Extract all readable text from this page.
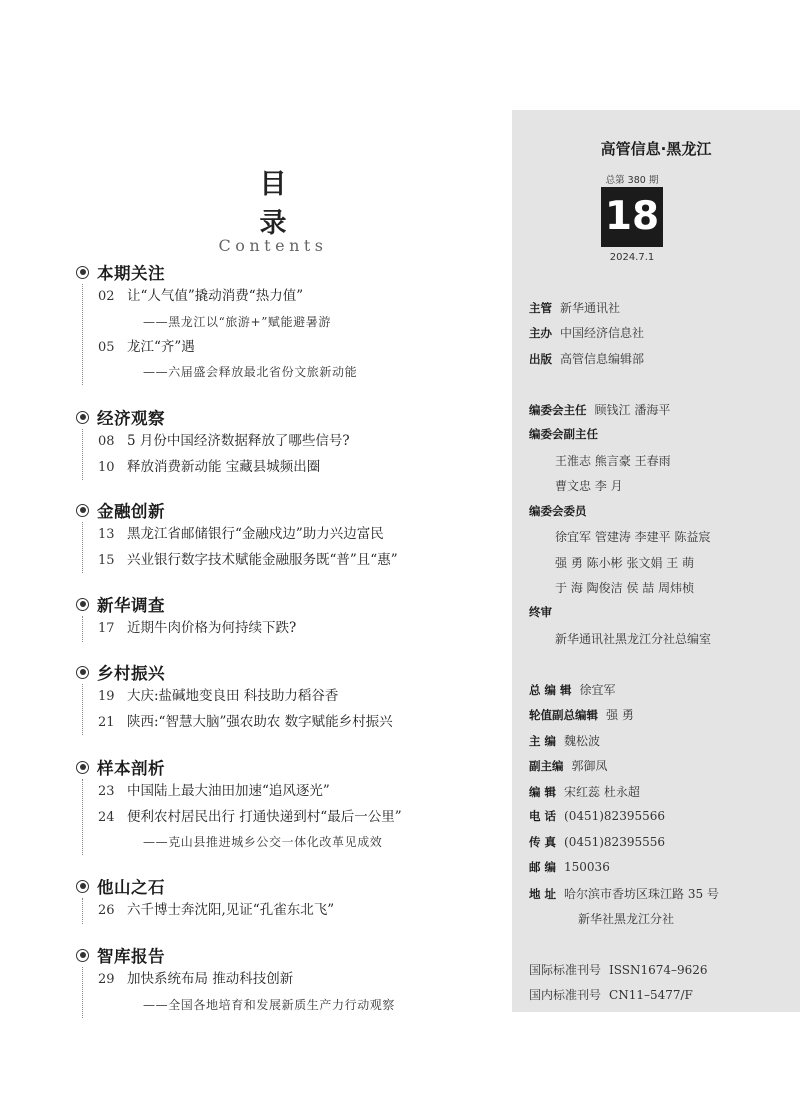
目 录
Contents
本期关注
02 让“人气值”撬动消费“热力值”
——黑龙江以“旅游+”赋能避暑游
05 龙江“齐”遇
——六届盛会释放最北省份文旅新动能
经济观察
08 5 月份中国经济数据释放了哪些信号?
10 释放消费新动能 宝藏县城频出圈
金融创新
13 黑龙江省邮储银行“金融戍边”助力兴边富民
15 兴业银行数字技术赋能金融服务既“普”且“惠”
新华调查
17 近期牛肉价格为何持续下跌?
乡村振兴
19 大庆:盐碱地变良田 科技助力稻谷香
21 陕西:“智慧大脑”强农助农 数字赋能乡村振兴
样本剖析
23 中国陆上最大油田加速“追风逐光”
24 便利农村居民出行 打通快递到村“最后一公里”
——克山县推进城乡公交一体化改革见成效
他山之石
26 六千博士奔沈阳,见证“孔雀东北飞”
智库报告
29 加快系统布局 推动科技创新
——全国各地培育和发展新质生产力行动观察
高管信息·黑龙江
总第 380 期
18
2024.7.1
主管 新华通讯社
主办 中国经济信息社
出版 高管信息编辑部
编委会主任 顾钱江 潘海平
编委会副主任
王淮志 熊言豪 王春雨
曹文忠 李 月
编委会委员
徐宜军 管建涛 李建平 陈益宸
强 勇 陈小彬 张文娟 王 萌
于 海 陶俊洁 侯 喆 周炜桢
终审
新华通讯社黑龙江分社总编室
总 编 辑 徐宜军
轮值副总编辑 强 勇
主 编 魏松波
副主编 郭御凤
编 辑 宋红蕊 杜永超
电 话 (0451)82395566
传 真 (0451)82395556
邮 编 150036
地 址 哈尔滨市香坊区珠江路 35 号
新华社黑龙江分社
国际标准刊号 ISSN1674–9626
国内标准刊号 CN11–5477/F
